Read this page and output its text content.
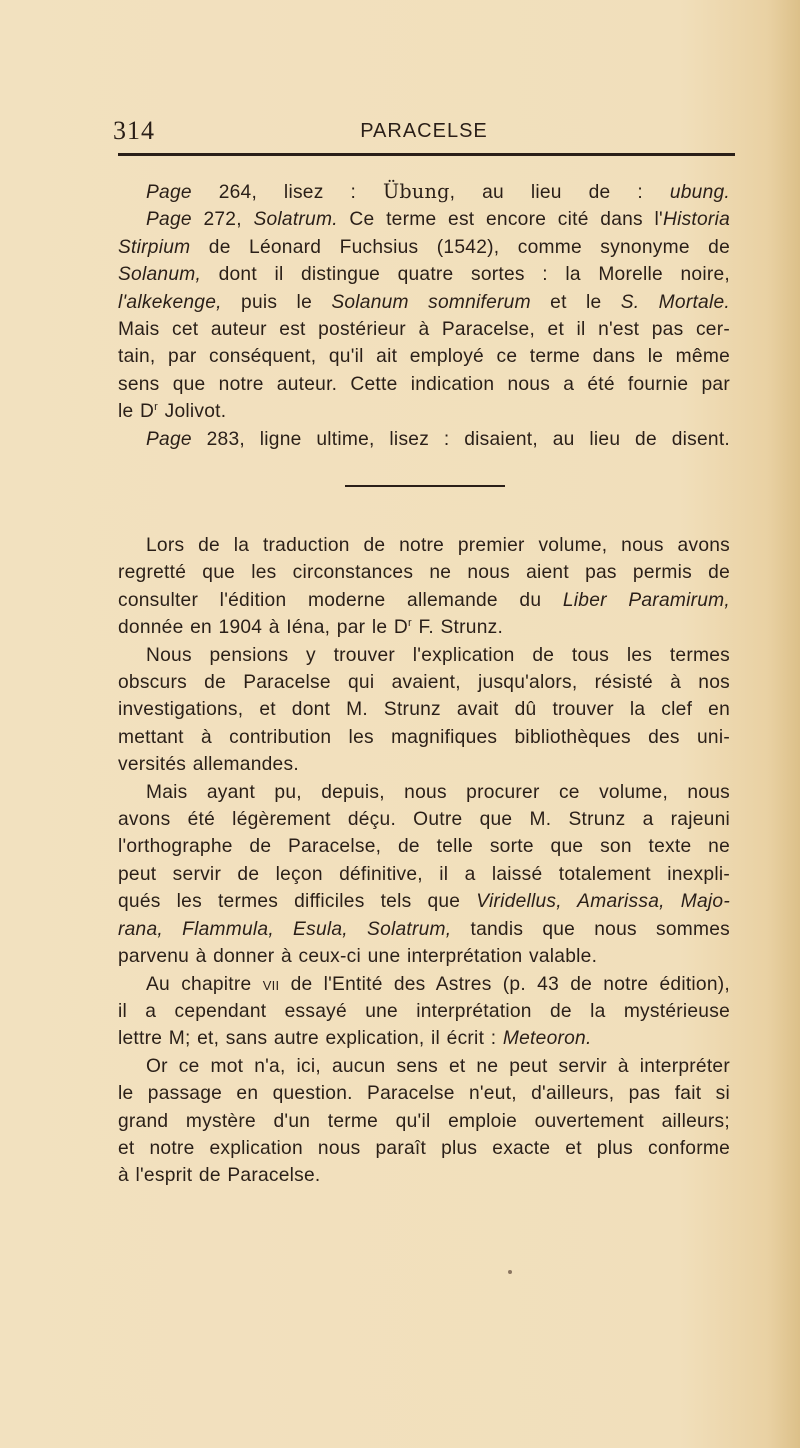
314	PARACELSE
Page 264, lisez : Übung, au lieu de : ubung.
Page 272, Solatrum. Ce terme est encore cité dans l'Historia
Stirpium de Léonard Fuchsius (1542), comme synonyme de
Solanum, dont il distingue quatre sortes : la Morelle noire,
l'alkekenge, puis le Solanum somniferum et le S. Mortale.
Mais cet auteur est postérieur à Paracelse, et il n'est pas cer-
tain, par conséquent, qu'il ait employé ce terme dans le même
sens que notre auteur. Cette indication nous a été fournie par
le $D^r$ Jolivot.
Page 283, ligne ultime, lisez : disaient, au lieu de disent.
Lors de la traduction de notre premier volume, nous avons
regretté que les circonstances ne nous aient pas permis de
consulter l'édition moderne allemande du Liber Paramirum,
donnée en 1904 à Iéna, par le $D^r$ F. Strunz.
Nous pensions y trouver l'explication de tous les termes
obscurs de Paracelse qui avaient, jusqu'alors, résisté à nos
investigations, et dont M. Strunz avait dû trouver la clef en
mettant à contribution les magnifiques bibliothèques des uni-
versités allemandes.
Mais ayant pu, depuis, nous procurer ce volume, nous
avons été légèrement déçu. Outre que M. Strunz a rajeuni
l'orthographe de Paracelse, de telle sorte que son texte ne
peut servir de leçon définitive, il a laissé totalement inexpli-
qués les termes difficiles tels que Viridellus, Amarissa, Majo-
rana, Flammula, Esula, Solatrum, tandis que nous sommes
parvenu à donner à ceux-ci une interprétation valable.
Au chapitre vii de l'Entité des Astres (p. 43 de notre édition),
il a cependant essayé une interprétation de la mystérieuse
lettre M; et, sans autre explication, il écrit : Meteoron.
Or ce mot n'a, ici, aucun sens et ne peut servir à interpréter
le passage en question. Paracelse n'eut, d'ailleurs, pas fait si
grand mystère d'un terme qu'il emploie ouvertement ailleurs;
et notre explication nous paraît plus exacte et plus conforme
à l'esprit de Paracelse.
